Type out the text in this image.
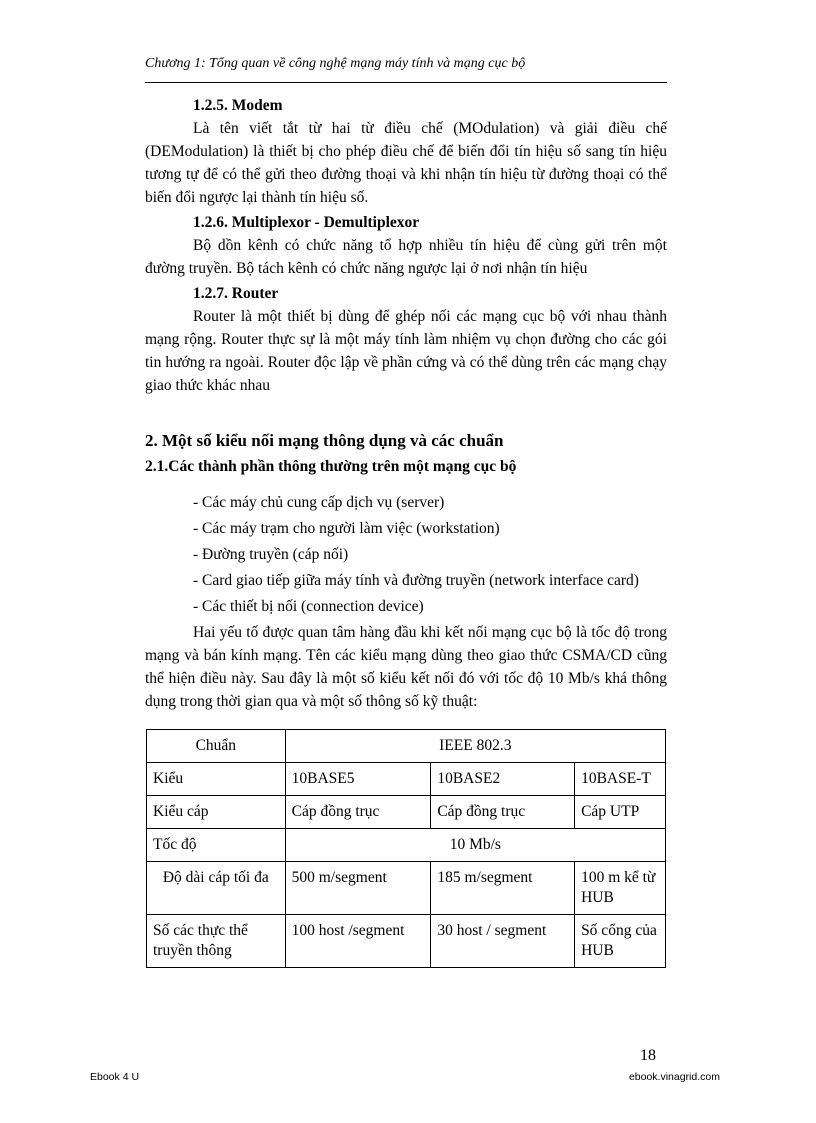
Chương 1: Tổng quan về công nghệ mạng máy tính và mạng cục bộ
1.2.5. Modem

Là tên viết tắt từ hai từ điều chế (MOdulation) và giải điều chế (DEModulation) là thiết bị cho phép điều chế để biến đổi tín hiệu số sang tín hiệu tương tự để có thể gửi theo đường thoại và khi nhận tín hiệu từ đường thoại có thể biến đổi ngược lại thành tín hiệu số.

1.2.6. Multiplexor - Demultiplexor

Bộ dồn kênh có chức năng tổ hợp nhiều tín hiệu để cùng gửi trên một đường truyền. Bộ tách kênh có chức năng ngược lại ở nơi nhận tín hiệu

1.2.7. Router

Router là một thiết bị dùng để ghép nối các mạng cục bộ với nhau thành mạng rộng. Router thực sự là một máy tính làm nhiệm vụ chọn đường cho các gói tin hướng ra ngoài. Router độc lập về phần cứng và có thể dùng trên các mạng chạy giao thức khác nhau

2. Một số kiểu nối mạng thông dụng và các chuẩn
2.1.Các thành phần thông thường trên một mạng cục bộ
- Các máy chủ cung cấp dịch vụ (server)
- Các máy trạm cho người làm việc (workstation)
- Đường truyền (cáp nối)
- Card giao tiếp giữa máy tính và đường truyền (network interface card)
- Các thiết bị nối (connection device)

Hai yếu tố được quan tâm hàng đầu khi kết nối mạng cục bộ là tốc độ trong mạng và bán kính mạng. Tên các kiểu mạng dùng theo giao thức CSMA/CD cũng thể hiện điều này. Sau đây là một số kiểu kết nối đó với tốc độ 10 Mb/s khá thông dụng trong thời gian qua và một số thông số kỹ thuật:

Chuẩn	IEEE 802.3		
Kiểu	10BASE5	10BASE2	10BASE-T
Kiểu cáp	Cáp đồng trục	Cáp đồng trục	Cáp UTP
Tốc độ	10 Mb/s		
Độ dài cáp tối đa	500 m/segment	185 m/segment	100 m kể từ HUB
Số các thực thể truyền thông	100 host /segment	30 host / segment	Số cổng của HUB
18
Ebook 4 U	ebook.vinagrid.com
